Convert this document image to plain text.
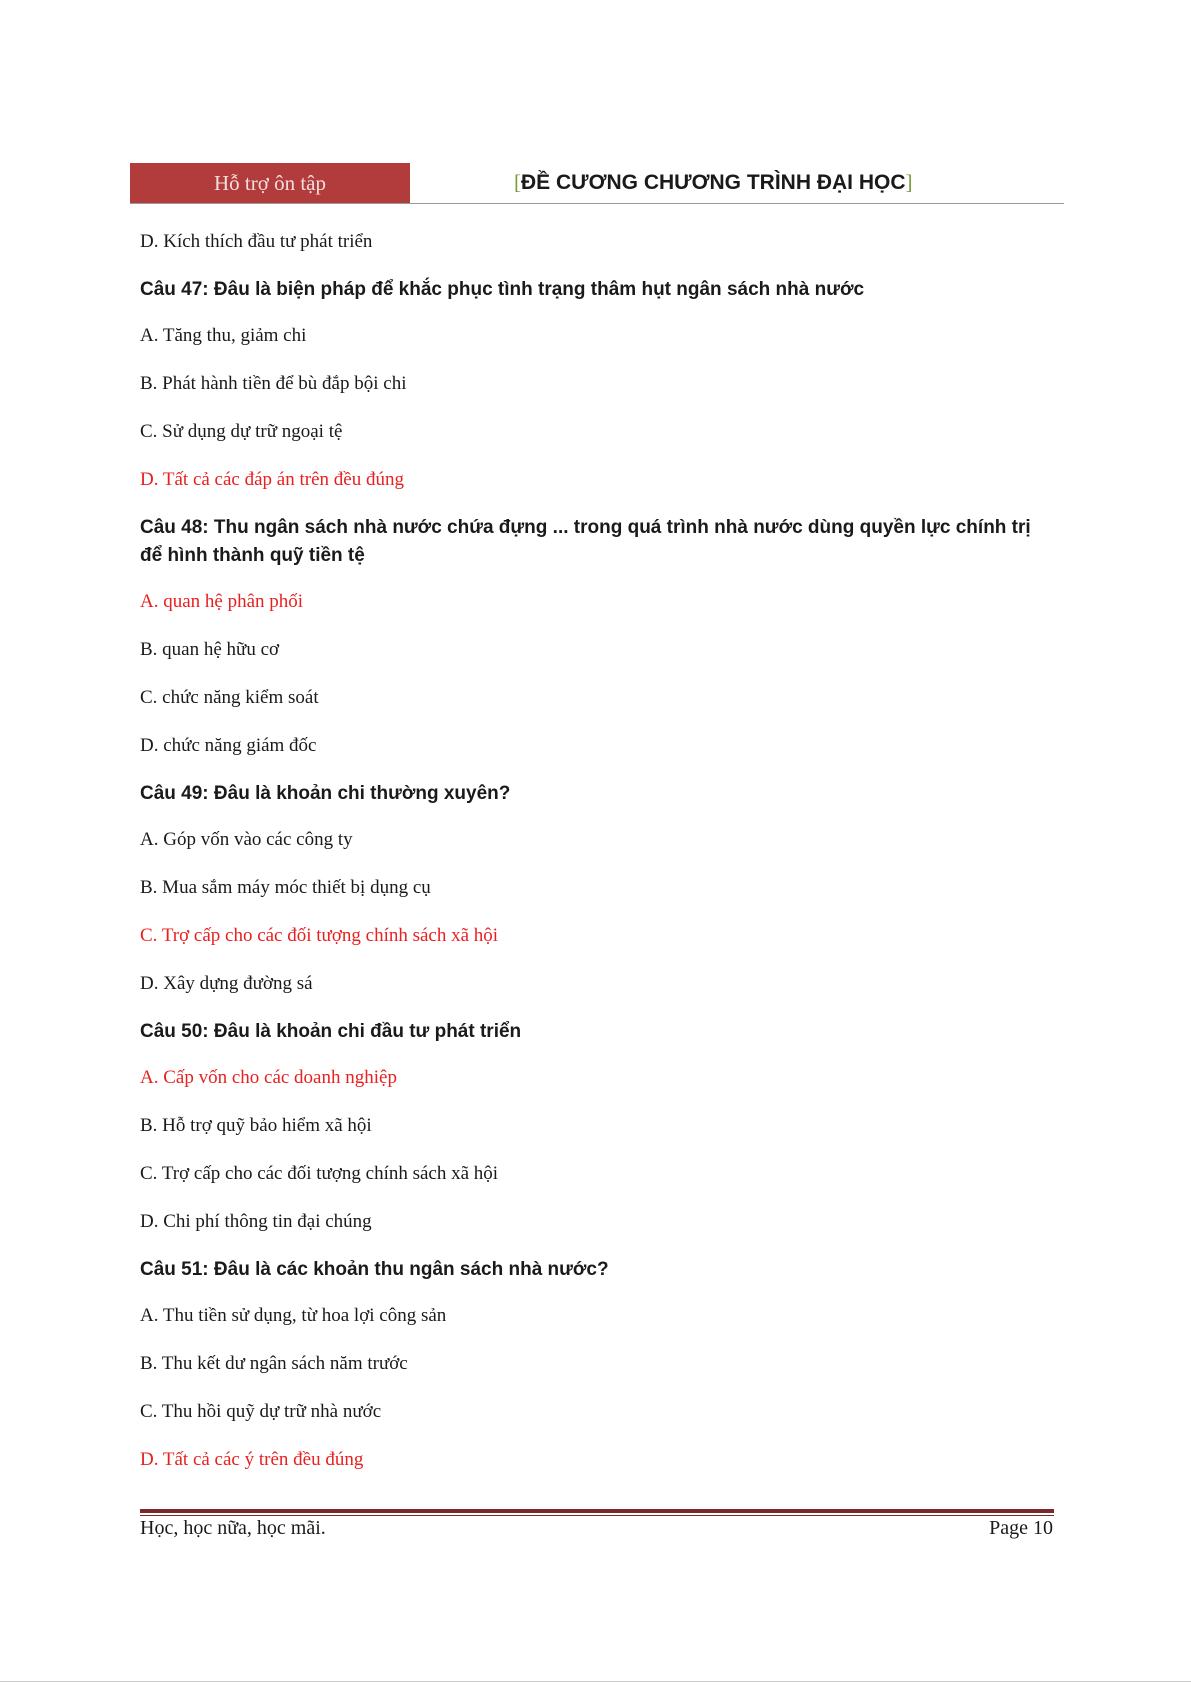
Hỗ trợ ôn tập	[ĐỀ CƯƠNG CHƯƠNG TRÌNH ĐẠI HỌC]

D. Kích thích đầu tư phát triển

Câu 47: Đâu là biện pháp để khắc phục tình trạng thâm hụt ngân sách nhà nước

A. Tăng thu, giảm chi

B. Phát hành tiền để bù đắp bội chi

C. Sử dụng dự trữ ngoại tệ

D. Tất cả các đáp án trên đều đúng

Câu 48: Thu ngân sách nhà nước chứa đựng ... trong quá trình nhà nước dùng quyền lực chính trị để hình thành quỹ tiền tệ

A. quan hệ phân phối

B. quan hệ hữu cơ

C. chức năng kiểm soát

D. chức năng giám đốc

Câu 49: Đâu là khoản chi thường xuyên?

A. Góp vốn vào các công ty

B. Mua sắm máy móc thiết bị dụng cụ

C. Trợ cấp cho các đối tượng chính sách xã hội

D. Xây dựng đường sá

Câu 50: Đâu là khoản chi đầu tư phát triển

A. Cấp vốn cho các doanh nghiệp

B. Hỗ trợ quỹ bảo hiểm xã hội

C. Trợ cấp cho các đối tượng chính sách xã hội

D. Chi phí thông tin đại chúng

Câu 51: Đâu là các khoản thu ngân sách nhà nước?

A. Thu tiền sử dụng, từ hoa lợi công sản

B. Thu kết dư ngân sách năm trước

C. Thu hồi quỹ dự trữ nhà nước

D. Tất cả các ý trên đều đúng

Học, học nữa, học mãi.	Page 10
